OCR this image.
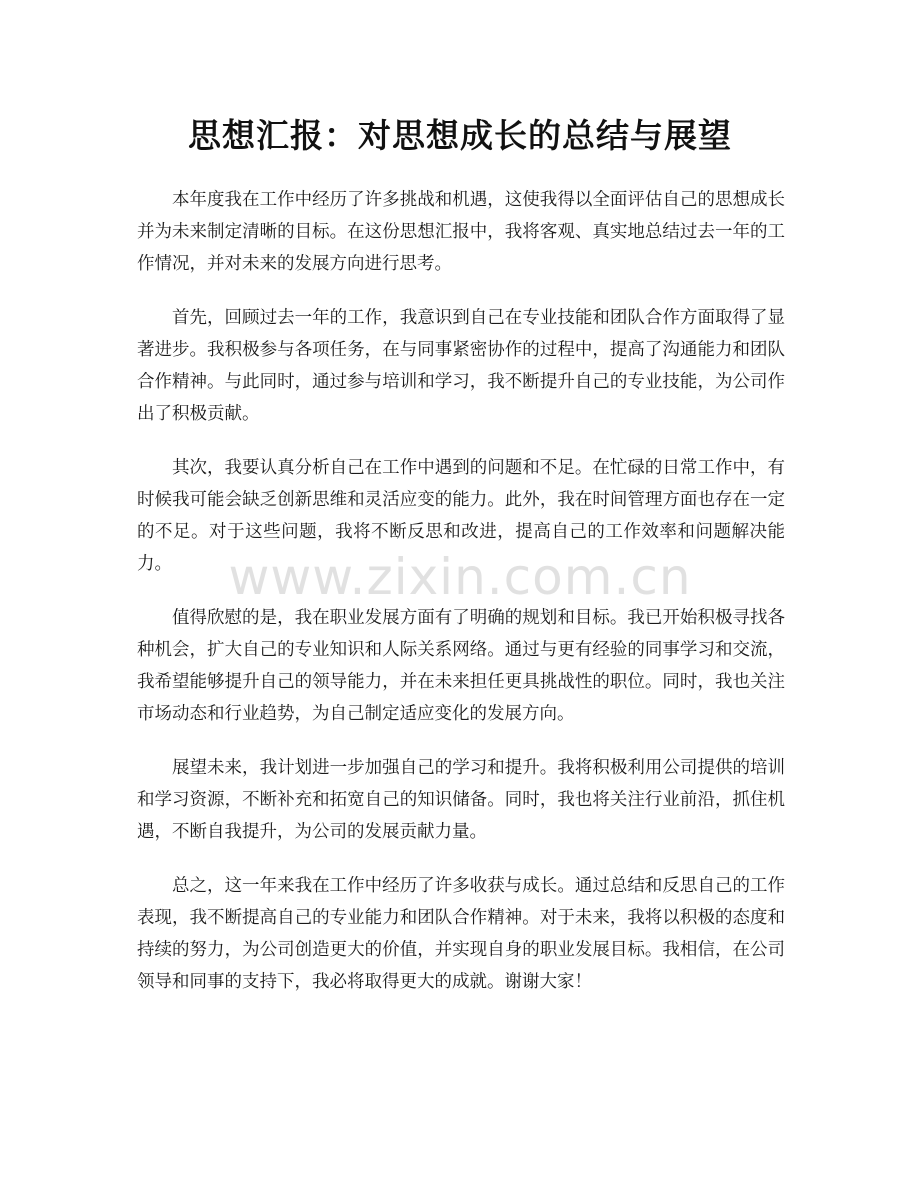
思想汇报：对思想成长的总结与展望

本年度我在工作中经历了许多挑战和机遇，这使我得以全面评估自己的思想成长并为未来制定清晰的目标。在这份思想汇报中，我将客观、真实地总结过去一年的工作情况，并对未来的发展方向进行思考。

首先，回顾过去一年的工作，我意识到自己在专业技能和团队合作方面取得了显著进步。我积极参与各项任务，在与同事紧密协作的过程中，提高了沟通能力和团队合作精神。与此同时，通过参与培训和学习，我不断提升自己的专业技能，为公司作出了积极贡献。

其次，我要认真分析自己在工作中遇到的问题和不足。在忙碌的日常工作中，有时候我可能会缺乏创新思维和灵活应变的能力。此外，我在时间管理方面也存在一定的不足。对于这些问题，我将不断反思和改进，提高自己的工作效率和问题解决能力。

值得欣慰的是，我在职业发展方面有了明确的规划和目标。我已开始积极寻找各种机会，扩大自己的专业知识和人际关系网络。通过与更有经验的同事学习和交流，我希望能够提升自己的领导能力，并在未来担任更具挑战性的职位。同时，我也关注市场动态和行业趋势，为自己制定适应变化的发展方向。

展望未来，我计划进一步加强自己的学习和提升。我将积极利用公司提供的培训和学习资源，不断补充和拓宽自己的知识储备。同时，我也将关注行业前沿，抓住机遇，不断自我提升，为公司的发展贡献力量。

总之，这一年来我在工作中经历了许多收获与成长。通过总结和反思自己的工作表现，我不断提高自己的专业能力和团队合作精神。对于未来，我将以积极的态度和持续的努力，为公司创造更大的价值，并实现自身的职业发展目标。我相信，在公司领导和同事的支持下，我必将取得更大的成就。谢谢大家！

www.zixin.com.cn
